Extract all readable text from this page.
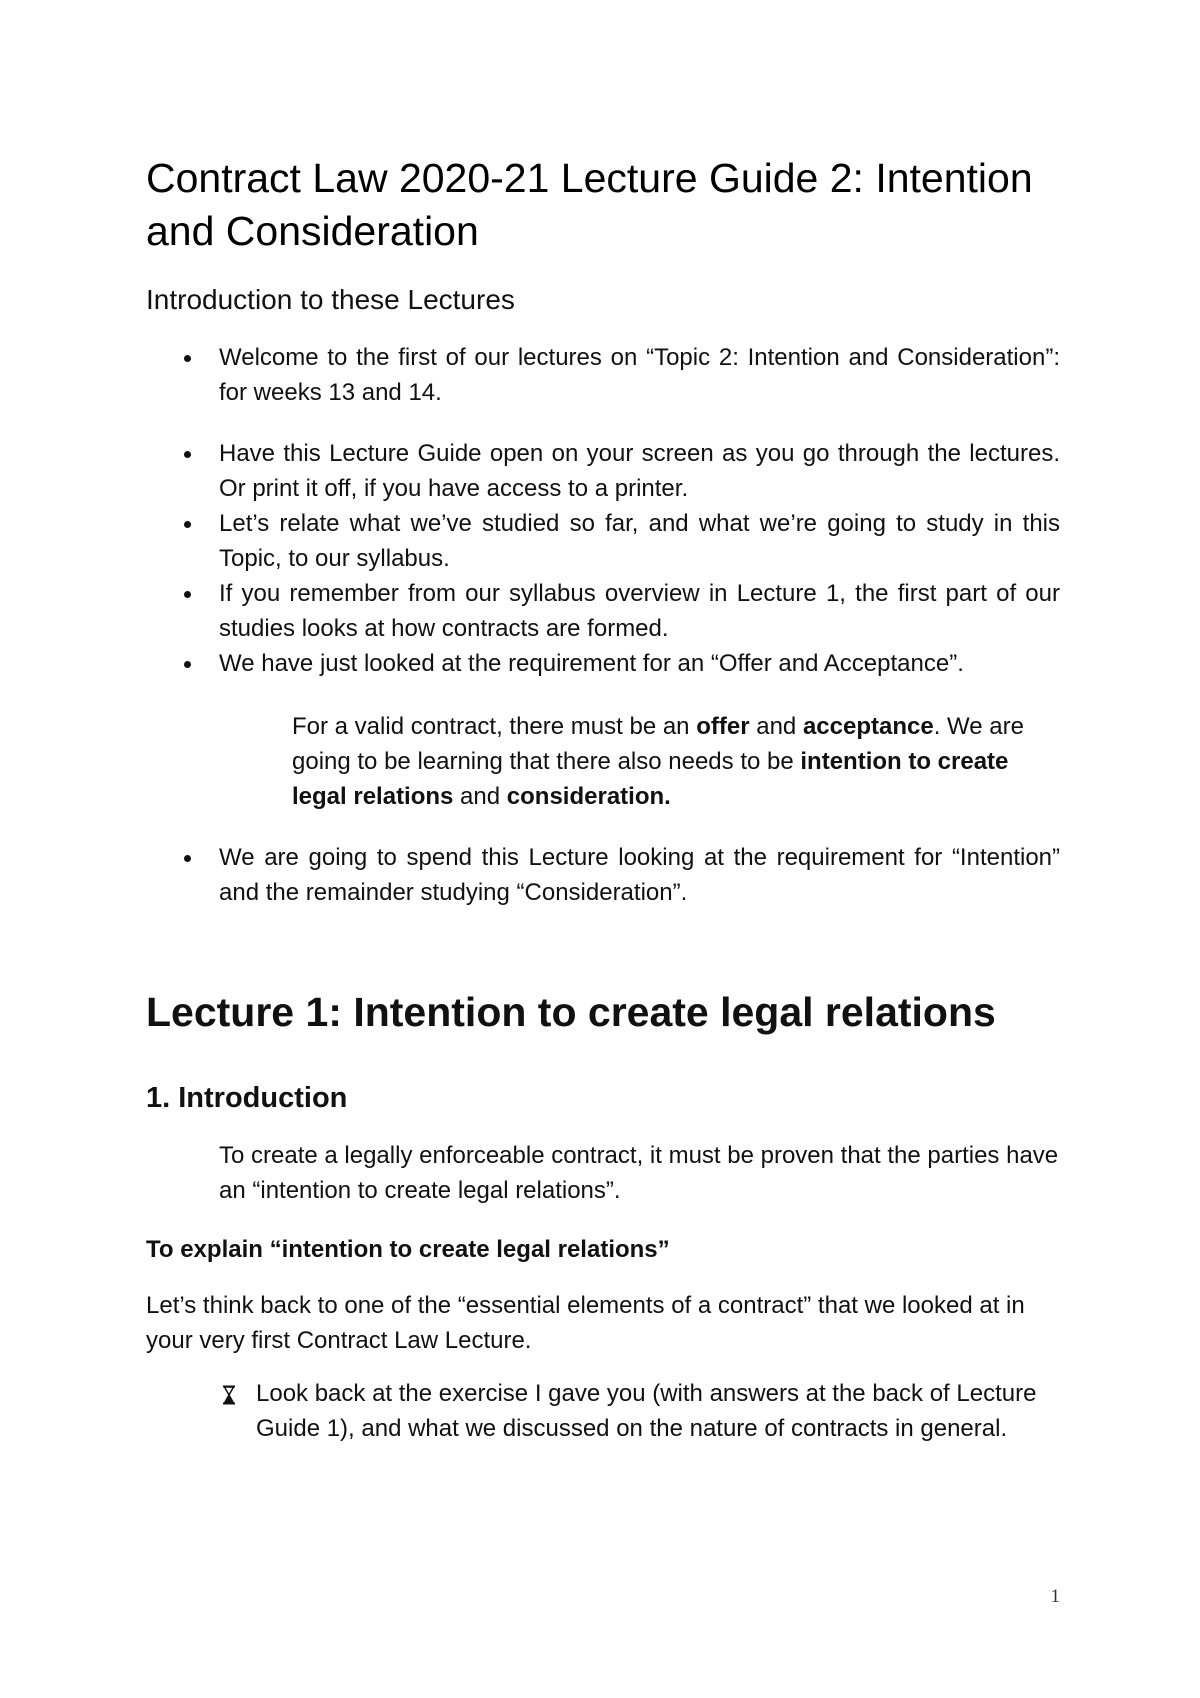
Contract Law 2020-21 Lecture Guide 2: Intention and Consideration
Introduction to these Lectures
Welcome to the first of our lectures on “Topic 2: Intention and Consideration”: for weeks 13 and 14.
Have this Lecture Guide open on your screen as you go through the lectures. Or print it off, if you have access to a printer.
Let’s relate what we’ve studied so far, and what we’re going to study in this Topic, to our syllabus.
If you remember from our syllabus overview in Lecture 1, the first part of our studies looks at how contracts are formed.
We have just looked at the requirement for an “Offer and Acceptance”.

For a valid contract, there must be an offer and acceptance. We are going to be learning that there also needs to be intention to create legal relations and consideration.

We are going to spend this Lecture looking at the requirement for “Intention” and the remainder studying “Consideration”.
Lecture 1: Intention to create legal relations
1. Introduction

To create a legally enforceable contract, it must be proven that the parties have an “intention to create legal relations”.

To explain “intention to create legal relations”

Let’s think back to one of the “essential elements of a contract” that we looked at in your very first Contract Law Lecture.

Look back at the exercise I gave you (with answers at the back of Lecture Guide 1), and what we discussed on the nature of contracts in general.
1
